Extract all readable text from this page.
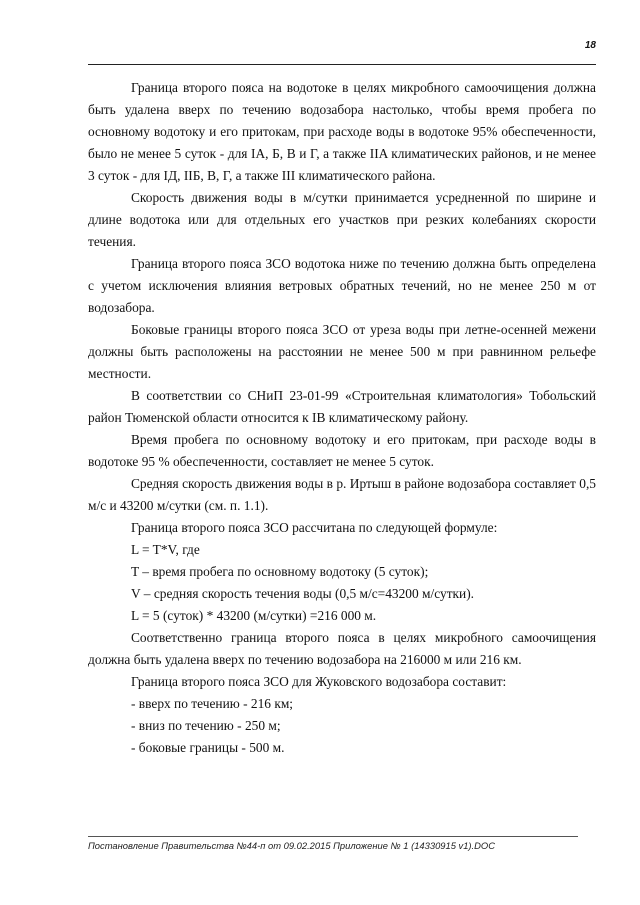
18

Граница второго пояса на водотоке в целях микробного самоочищения должна быть удалена вверх по течению водозабора настолько, чтобы время пробега по основному водотоку и его притокам, при расходе воды в водотоке 95% обеспеченности, было не менее 5 суток - для IA, Б, В и Г, а также IIA климатических районов, и не менее 3 суток - для IД, IIБ, В, Г, а также III климатического района.

Скорость движения воды в м/сутки принимается усредненной по ширине и длине водотока или для отдельных его участков при резких колебаниях скорости течения.

Граница второго пояса ЗСО водотока ниже по течению должна быть определена с учетом исключения влияния ветровых обратных течений, но не менее 250 м от водозабора.

Боковые границы второго пояса ЗСО от уреза воды при летне-осенней межени должны быть расположены на расстоянии не менее 500 м при равнинном рельефе местности.

В соответствии со СНиП 23-01-99 «Строительная климатология» Тобольский район Тюменской области относится к IB климатическому району.

Время пробега по основному водотоку и его притокам, при расходе воды в водотоке 95 % обеспеченности, составляет не менее 5 суток.

Средняя скорость движения воды в р. Иртыш в районе водозабора составляет 0,5 м/с и 43200 м/сутки (см. п. 1.1).

Граница второго пояса ЗСО рассчитана по следующей формуле:

L = T*V, где

T – время пробега по основному водотоку (5 суток);

V – средняя скорость течения воды (0,5 м/с=43200 м/сутки).

L = 5 (суток) * 43200 (м/сутки) =216 000 м.

Соответственно граница второго пояса в целях микробного самоочищения должна быть удалена вверх по течению водозабора на 216000 м или 216 км.

Граница второго пояса ЗСО для Жуковского водозабора составит:

- вверх по течению - 216 км;

- вниз по течению - 250 м;

- боковые границы - 500 м.

Постановление Правительства №44-п от 09.02.2015 Приложение № 1 (14330915 v1).DOC
